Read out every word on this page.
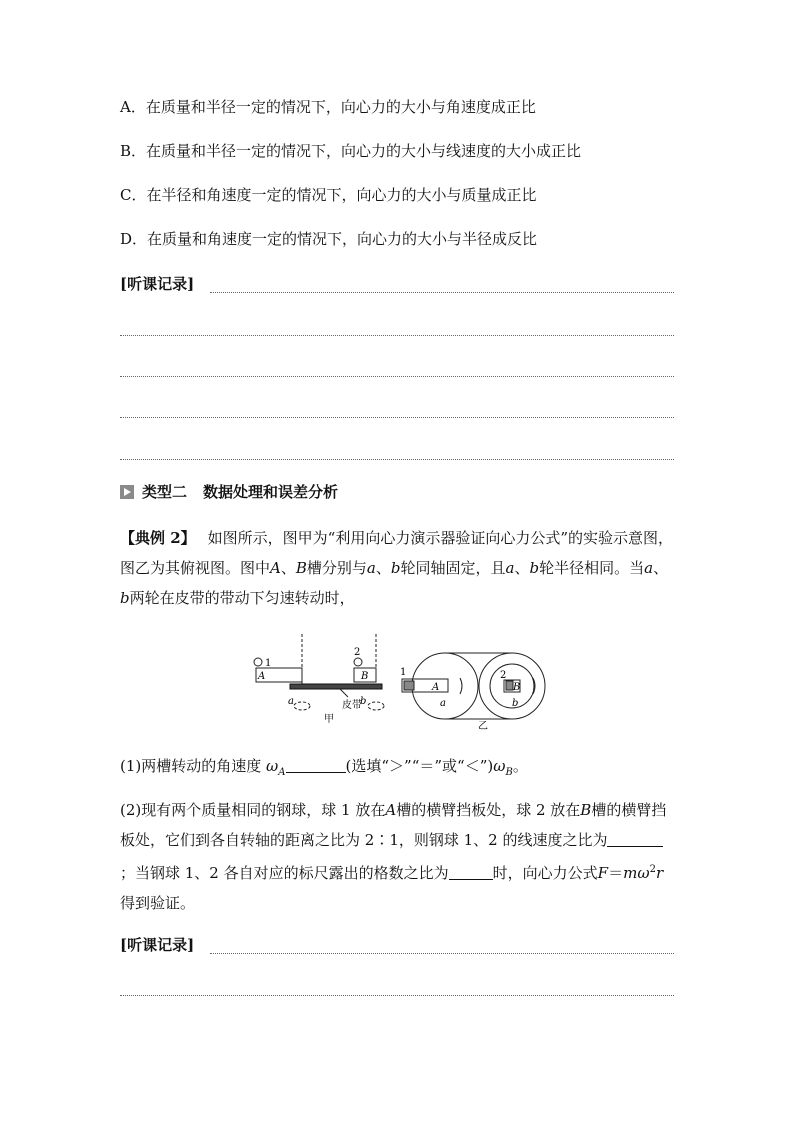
A．在质量和半径一定的情况下，向心力的大小与角速度成正比
B．在质量和半径一定的情况下，向心力的大小与线速度的大小成正比
C．在半径和角速度一定的情况下，向心力的大小与质量成正比
D．在质量和角速度一定的情况下，向心力的大小与半径成反比
[听课记录]
类型二 数据处理和误差分析
【典例 2】 如图所示，图甲为“利用向心力演示器验证向心力公式”的实验示意图，图乙为其俯视图。图中A、B槽分别与a、b轮同轴固定，且a、b轮半径相同。当a、b两轮在皮带的带动下匀速转动时，
1
A
2
B
皮带
a	b
甲
1
A
2
B
a	b
乙
(1)两槽转动的角速度 $\omega_A$	(选填“＞”“＝”或“$<”)\omega_B$。
(2)现有两个质量相同的钢球，球 1 放在A槽的横臂挡板处，球 2 放在B槽的横臂挡板处，它们到各自转轴的距离之比为 2∶1，则钢球 1、2 的线速度之比为；当钢球 1、2 各自对应的标尺露出的格数之比为	时，向心力公式$F=m\omega^2r$得到验证。
[听课记录]
